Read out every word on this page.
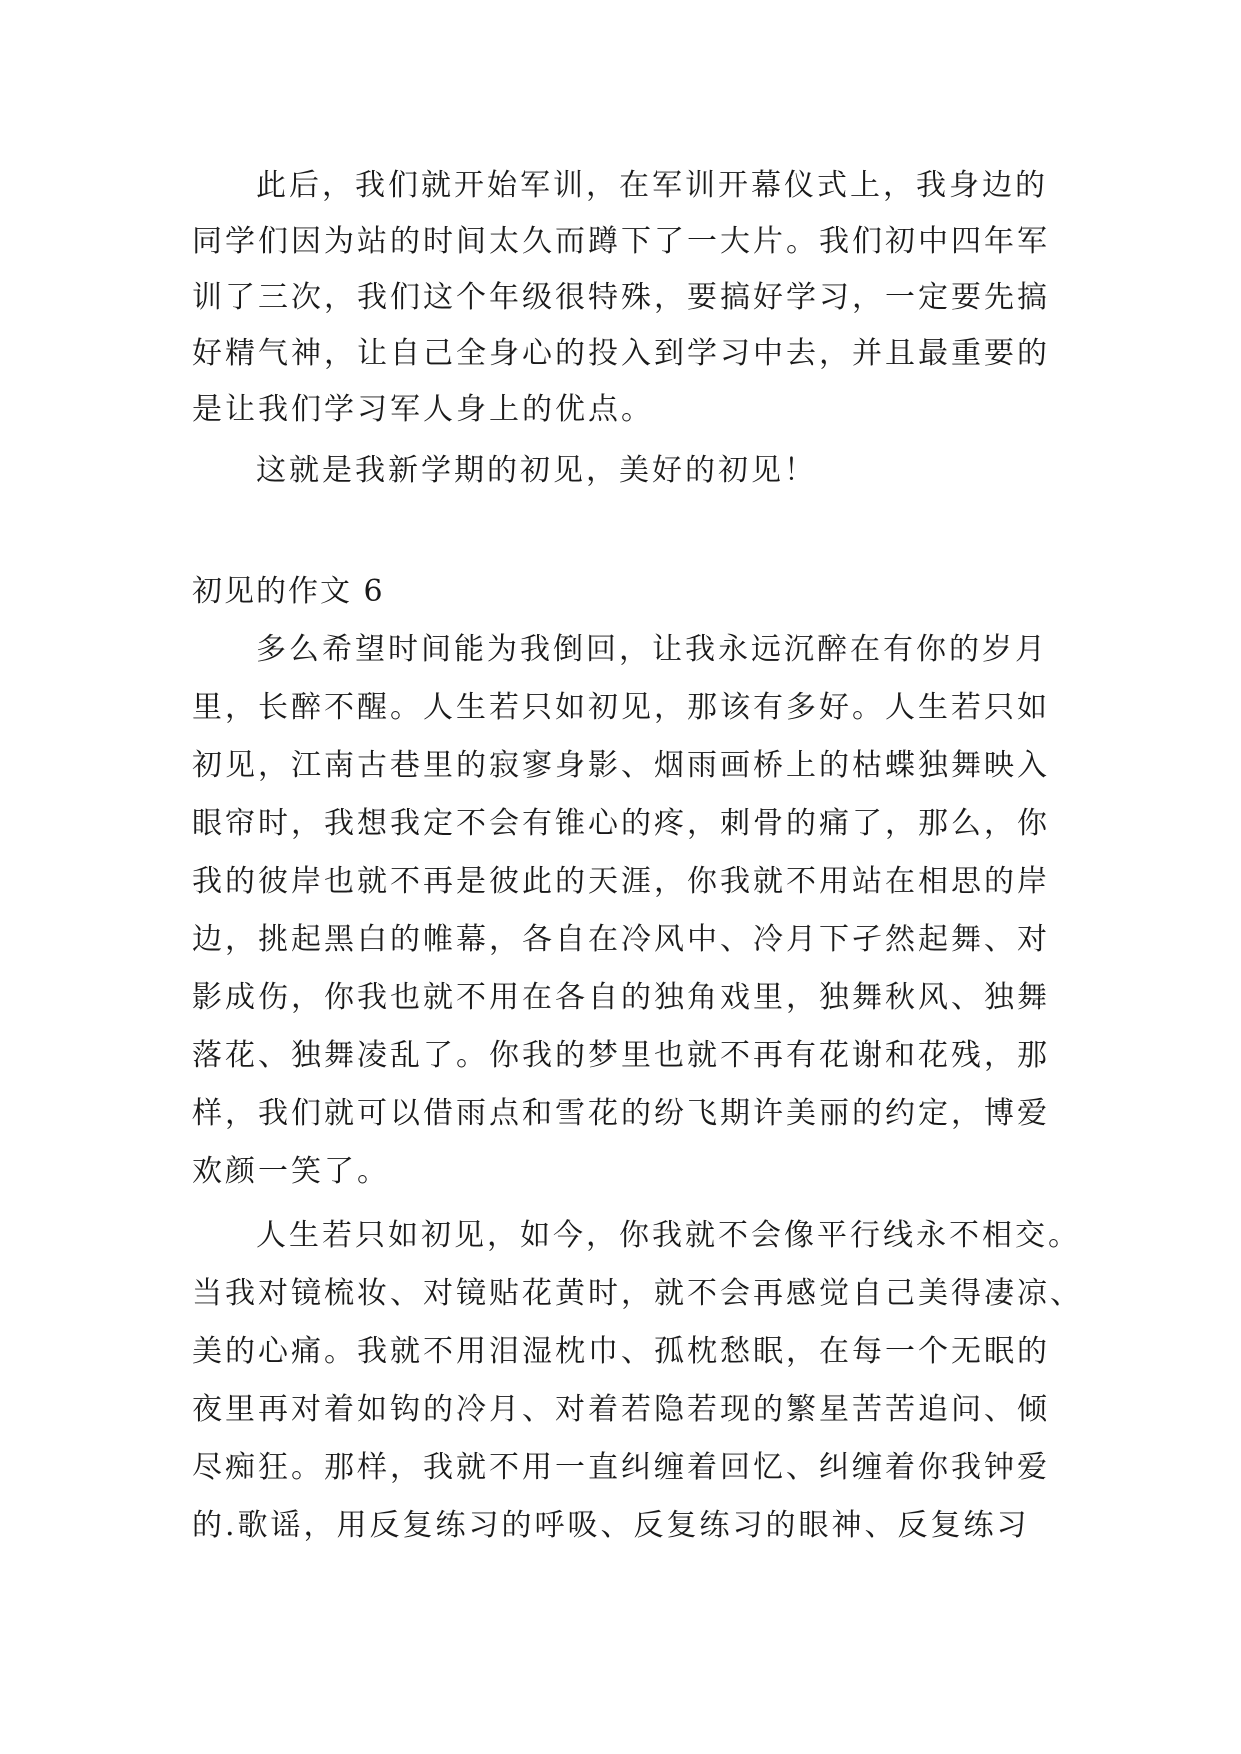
此后，我们就开始军训，在军训开幕仪式上，我身边的
同学们因为站的时间太久而蹲下了一大片。我们初中四年军
训了三次，我们这个年级很特殊，要搞好学习，一定要先搞
好精气神，让自己全身心的投入到学习中去，并且最重要的
是让我们学习军人身上的优点。
这就是我新学期的初见，美好的初见！
初见的作文 6
多么希望时间能为我倒回，让我永远沉醉在有你的岁月
里，长醉不醒。人生若只如初见，那该有多好。人生若只如
初见，江南古巷里的寂寥身影、烟雨画桥上的枯蝶独舞映入
眼帘时，我想我定不会有锥心的疼，刺骨的痛了，那么，你
我的彼岸也就不再是彼此的天涯，你我就不用站在相思的岸
边，挑起黑白的帷幕，各自在冷风中、冷月下孑然起舞、对
影成伤，你我也就不用在各自的独角戏里，独舞秋风、独舞
落花、独舞凌乱了。你我的梦里也就不再有花谢和花残，那
样，我们就可以借雨点和雪花的纷飞期许美丽的约定，博爱
欢颜一笑了。
人生若只如初见，如今，你我就不会像平行线永不相交。
当我对镜梳妆、对镜贴花黄时，就不会再感觉自己美得凄凉、
美的心痛。我就不用泪湿枕巾、孤枕愁眠，在每一个无眠的
夜里再对着如钩的冷月、对着若隐若现的繁星苦苦追问、倾
尽痴狂。那样，我就不用一直纠缠着回忆、纠缠着你我钟爱
的.歌谣，用反复练习的呼吸、反复练习的眼神、反复练习
